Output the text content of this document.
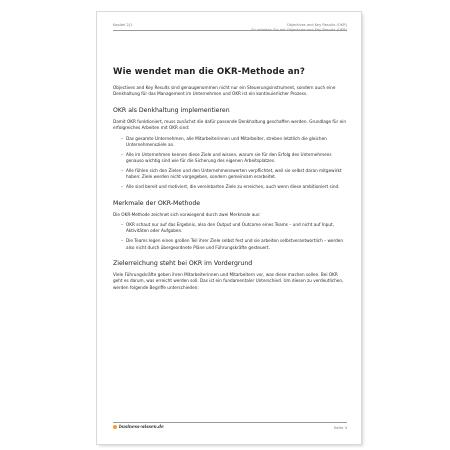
Kapitel 2|1	Objectives and Key Results (OKR)
So arbeiten Sie mit Objectives and Key Results (OKR)
Wie wendet man die OKR-Methode an?

Objectives and Key Results sind genaugenommen nicht nur ein Steuerungsinstrument, sondern auch eine Denkhaltung für das Management im Unternehmen und OKR ist ein kontinuierlicher Prozess.

OKR als Denkhaltung implementieren

Damit OKR funktioniert, muss zunächst die dafür passende Denkhaltung geschaffen werden. Grundlage für ein erfolgreiches Arbeiten mit OKR sind:

– Das gesamte Unternehmen, alle Mitarbeiterinnen und Mitarbeiter, streben letztlich die gleichen Unternehmensziele an.
– Alle im Unternehmen kennen diese Ziele und wissen, warum sie für den Erfolg des Unternehmens genauso wichtig sind wie für die Sicherung des eigenen Arbeitsplatzes.
– Alle fühlen sich den Zielen und den Unternehmenswerten verpflichtet, weil sie selbst daran mitgewirkt haben: Ziele werden nicht vorgegeben, sondern gemeinsam erarbeitet.
– Alle sind bereit und motiviert, die vereinbarten Ziele zu erreichen, auch wenn diese ambitioniert sind.
Merkmale der OKR-Methode

Die OKR-Methode zeichnet sich vorwiegend durch zwei Merkmale aus:

– OKR schaut nur auf das Ergebnis, also den Output und Outcome eines Teams – und nicht auf Input, Aktivitäten oder Aufgaben.
– Die Teams legen einen großen Teil ihrer Ziele selbst fest und sie arbeiten selbstverantwortlich – werden also nicht durch übergeordnete Pläne und Führungskräfte gesteuert.
Zielerreichung steht bei OKR im Vordergrund

Viele Führungskräfte geben ihren Mitarbeiterinnen und Mitarbeitern vor, was diese machen sollen. Bei OKR geht es darum, was erreicht werden soll. Das ist ein fundamentaler Unterschied. Um diesen zu verdeutlichen, werden folgende Begriffe unterschieden:

business-wissen.de	Seite 4
